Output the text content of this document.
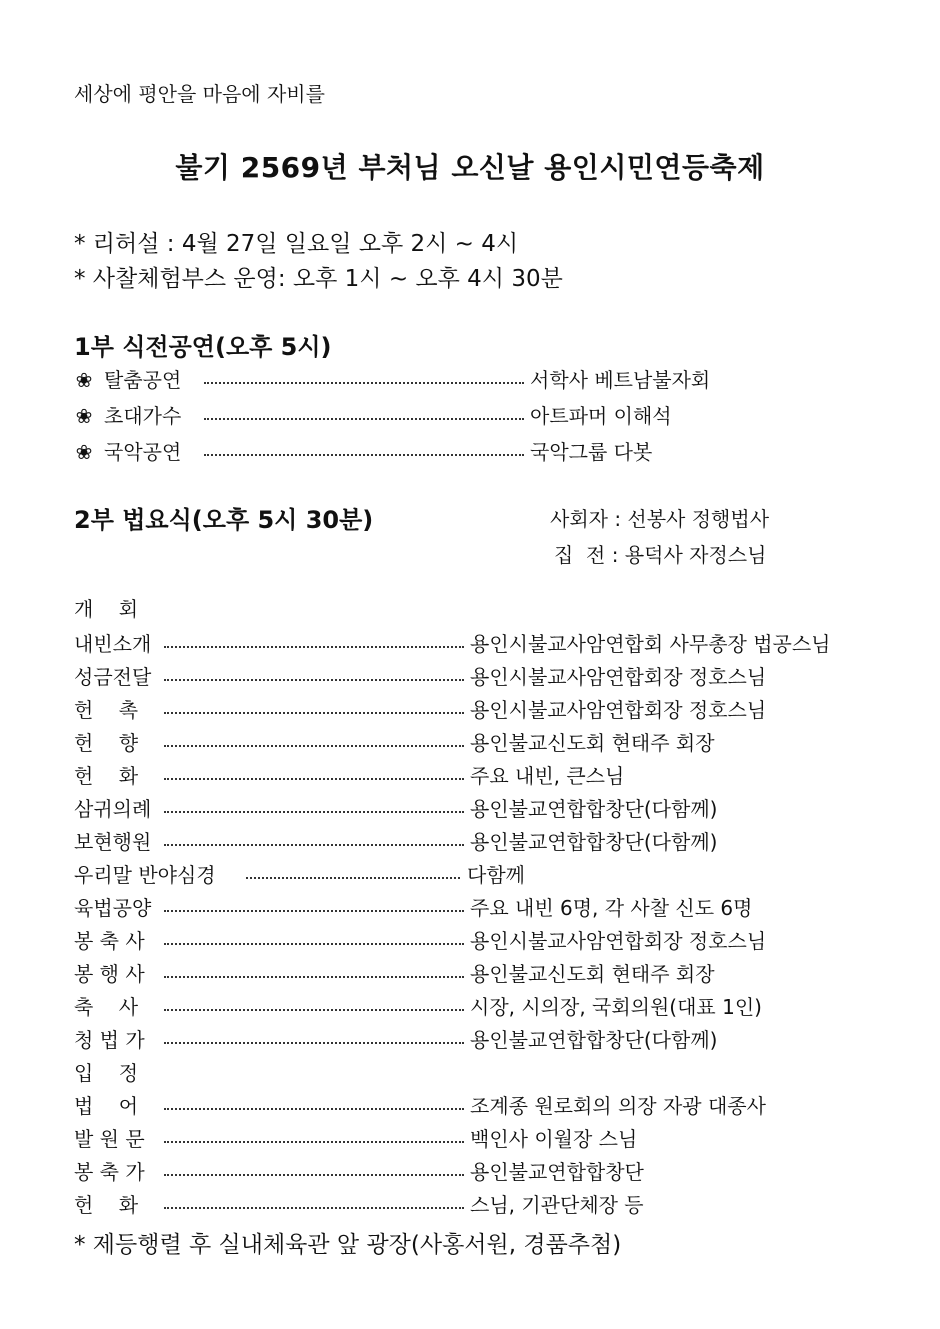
세상에 평안을 마음에 자비를
불기 2569년 부처님 오신날 용인시민연등축제
* 리허설 : 4월 27일 일요일 오후 2시 ~ 4시
* 사찰체험부스 운영: 오후 1시 ~ 오후 4시 30분
1부 식전공연(오후 5시)
❀ 탈춤공연	서학사 베트남불자회
❀ 초대가수	아트파머 이해석
❀ 국악공연	국악그룹 다봇
2부 법요식(오후 5시 30분)	사회자 : 선봉사 정행법사
집  전 : 용덕사 자정스님
개    회
내빈소개	용인시불교사암연합회 사무총장 법공스님
성금전달	용인시불교사암연합회장 정호스님
헌    촉	용인시불교사암연합회장 정호스님
헌    향	용인불교신도회 현태주 회장
헌    화	주요 내빈, 큰스님
삼귀의례	용인불교연합합창단(다함께)
보현행원	용인불교연합합창단(다함께)
우리말 반야심경	다함께
육법공양	주요 내빈 6명, 각 사찰 신도 6명
봉 축 사	용인시불교사암연합회장 정호스님
봉 행 사	용인불교신도회 현태주 회장
축    사	시장, 시의장, 국회의원(대표 1인)
청 법 가	용인불교연합합창단(다함께)
입    정
법    어	조계종 원로회의 의장 자광 대종사
발 원 문	백인사 이월장 스님
봉 축 가	용인불교연합합창단
헌    화	스님, 기관단체장 등
* 제등행렬 후 실내체육관 앞 광장(사홍서원, 경품추첨)
